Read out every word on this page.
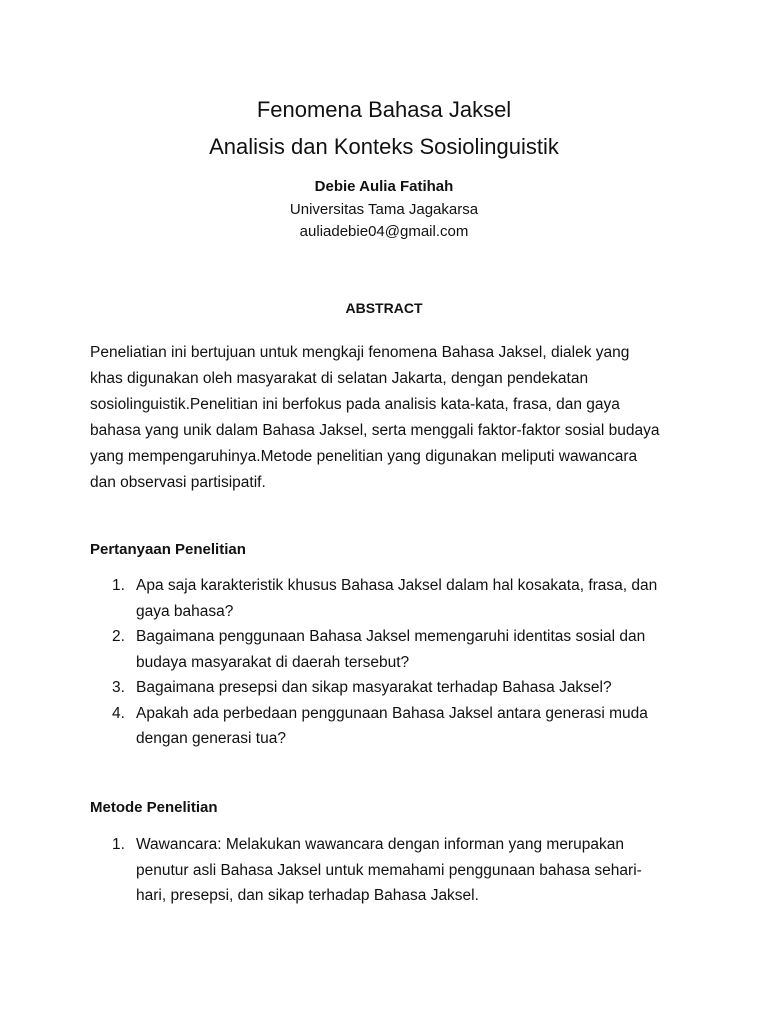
Fenomena Bahasa Jaksel
Analisis dan Konteks Sosiolinguistik
Debie Aulia Fatihah
Universitas Tama Jagakarsa
auliadebie04@gmail.com
ABSTRACT

Peneliatian ini bertujuan untuk mengkaji fenomena Bahasa Jaksel, dialek yang
khas digunakan oleh masyarakat di selatan Jakarta, dengan pendekatan
sosiolinguistik.Penelitian ini berfokus pada analisis kata-kata, frasa, dan gaya
bahasa yang unik dalam Bahasa Jaksel, serta menggali faktor-faktor sosial budaya
yang mempengaruhinya.Metode penelitian yang digunakan meliputi wawancara
dan observasi partisipatif.

Pertanyaan Penelitian
1. Apa saja karakteristik khusus Bahasa Jaksel dalam hal kosakata, frasa, dan
gaya bahasa?
2. Bagaimana penggunaan Bahasa Jaksel memengaruhi identitas sosial dan
budaya masyarakat di daerah tersebut?
3. Bagaimana presepsi dan sikap masyarakat terhadap Bahasa Jaksel?
4. Apakah ada perbedaan penggunaan Bahasa Jaksel antara generasi muda
dengan generasi tua?
Metode Penelitian
1. Wawancara: Melakukan wawancara dengan informan yang merupakan
penutur asli Bahasa Jaksel untuk memahami penggunaan bahasa sehari-
hari, presepsi, dan sikap terhadap Bahasa Jaksel.
